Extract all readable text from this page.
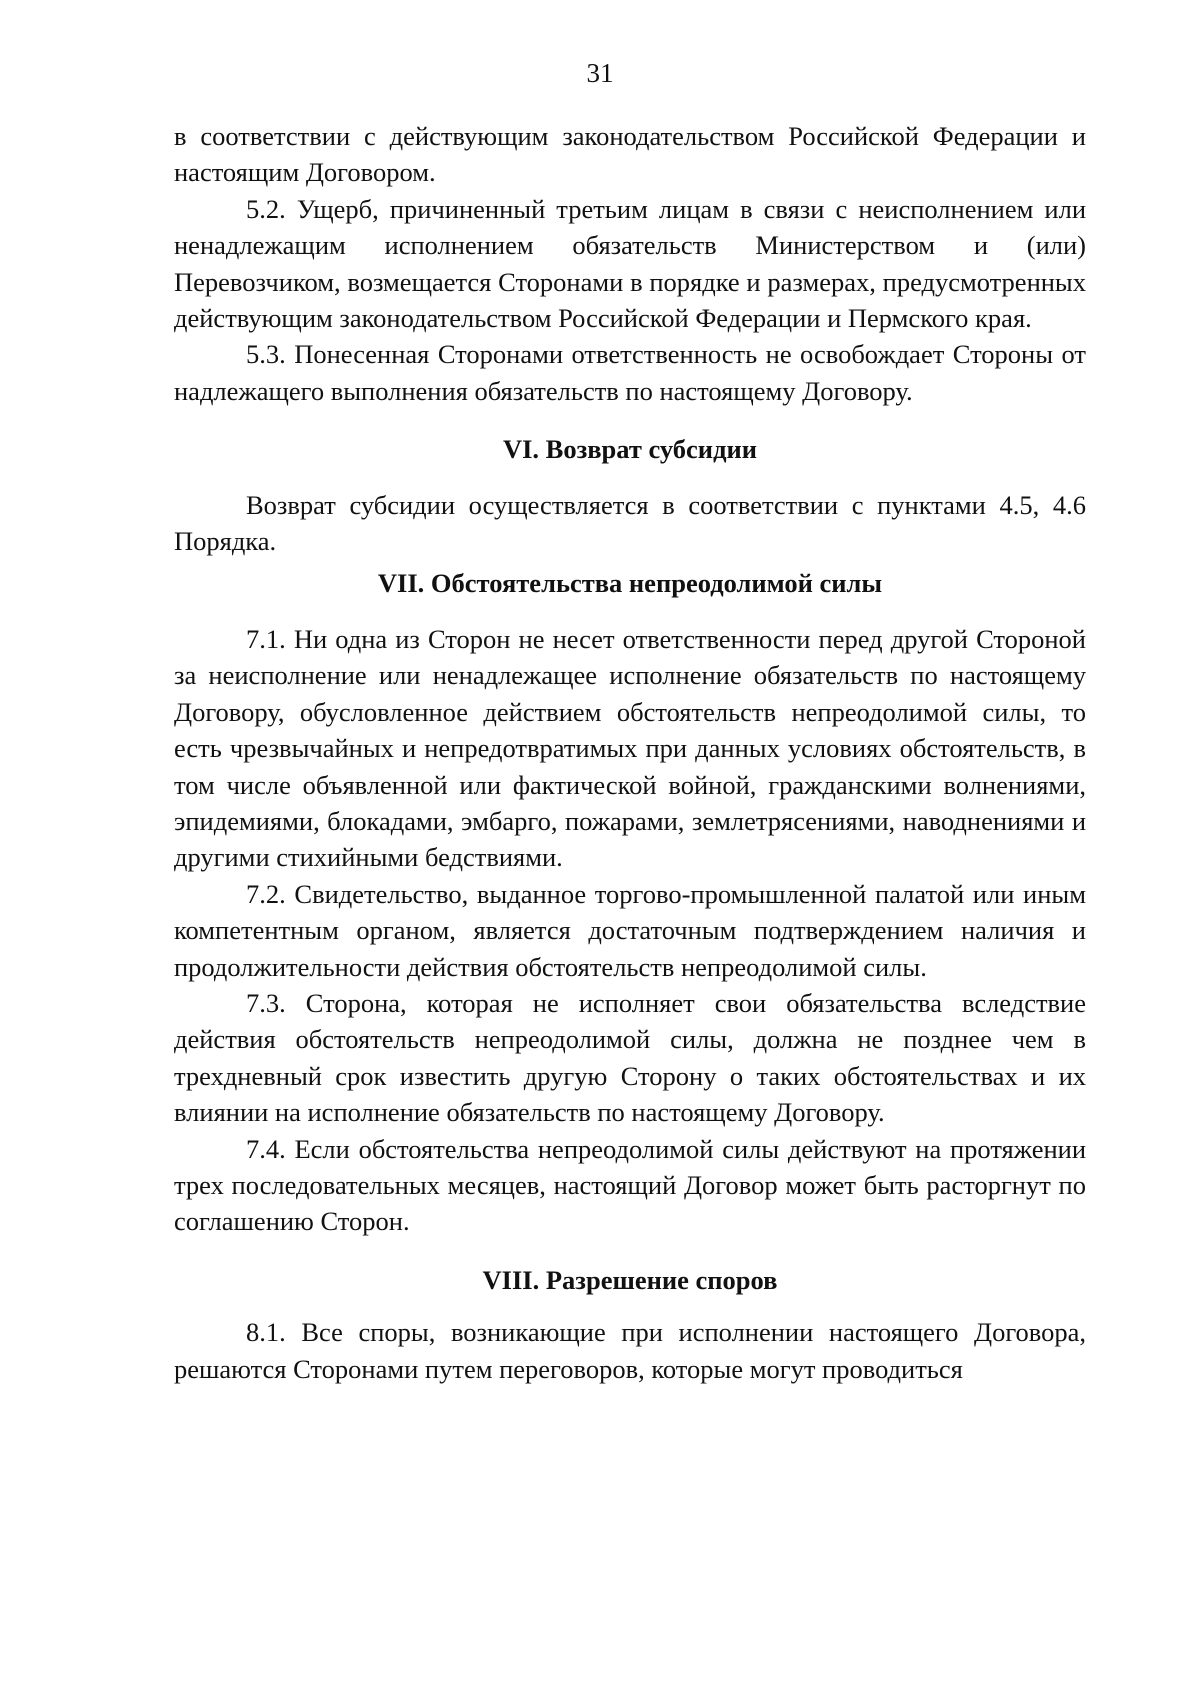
31

в соответствии с действующим законодательством Российской Федерации и настоящим Договором.

5.2. Ущерб, причиненный третьим лицам в связи с неисполнением или ненадлежащим исполнением обязательств Министерством и (или) Перевозчиком, возмещается Сторонами в порядке и размерах, предусмотренных действующим законодательством Российской Федерации и Пермского края.

5.3. Понесенная Сторонами ответственность не освобождает Стороны от надлежащего выполнения обязательств по настоящему Договору.

VI. Возврат субсидии

Возврат субсидии осуществляется в соответствии с пунктами 4.5, 4.6 Порядка.

VII. Обстоятельства непреодолимой силы

7.1. Ни одна из Сторон не несет ответственности перед другой Стороной за неисполнение или ненадлежащее исполнение обязательств по настоящему Договору, обусловленное действием обстоятельств непреодолимой силы, то есть чрезвычайных и непредотвратимых при данных условиях обстоятельств, в том числе объявленной или фактической войной, гражданскими волнениями, эпидемиями, блокадами, эмбарго, пожарами, землетрясениями, наводнениями и другими стихийными бедствиями.

7.2. Свидетельство, выданное торгово-промышленной палатой или иным компетентным органом, является достаточным подтверждением наличия и продолжительности действия обстоятельств непреодолимой силы.

7.3. Сторона, которая не исполняет свои обязательства вследствие действия обстоятельств непреодолимой силы, должна не позднее чем в трехдневный срок известить другую Сторону о таких обстоятельствах и их влиянии на исполнение обязательств по настоящему Договору.

7.4. Если обстоятельства непреодолимой силы действуют на протяжении трех последовательных месяцев, настоящий Договор может быть расторгнут по соглашению Сторон.

VIII. Разрешение споров

8.1. Все споры, возникающие при исполнении настоящего Договора, решаются Сторонами путем переговоров, которые могут проводиться
